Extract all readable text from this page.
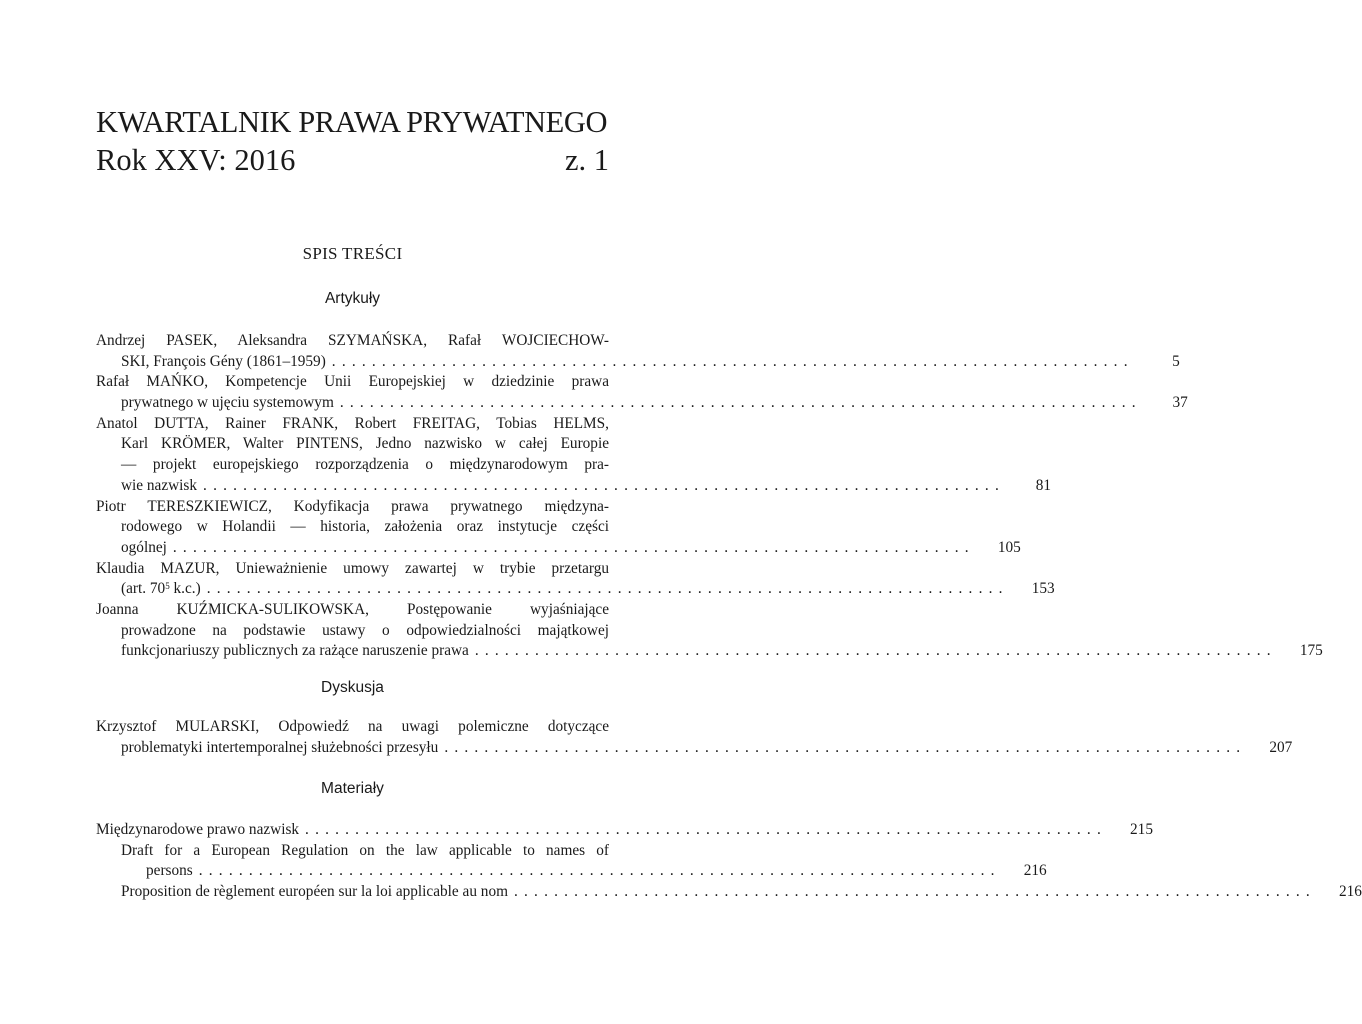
KWARTALNIK PRAWA PRYWATNEGO
Rok XXV: 2016	z. 1
SPIS TREŚCI
Artykuły
Andrzej PASEK, Aleksandra SZYMAŃSKA, Rafał WOJCIECHOW-
SKI, François Gény (1861–1959) ................................................................................	5
Rafał MAŃKO, Kompetencje Unii Europejskiej w dziedzinie prawa
prywatnego w ujęciu systemowym ................................................................................	37
Anatol DUTTA, Rainer FRANK, Robert FREITAG, Tobias HELMS,
Karl KRÖMER, Walter PINTENS, Jedno nazwisko w całej Europie
— projekt europejskiego rozporządzenia o międzynarodowym pra-
wie nazwisk ................................................................................	81
Piotr TERESZKIEWICZ, Kodyfikacja prawa prywatnego międzyna-
rodowego w Holandii — historia, założenia oraz instytucje części
ogólnej ................................................................................	105
Klaudia MAZUR, Unieważnienie umowy zawartej w trybie przetargu
(art. $70^5$ k.c.) ................................................................................	153
Joanna KUŹMICKA-SULIKOWSKA, Postępowanie wyjaśniające
prowadzone na podstawie ustawy o odpowiedzialności majątkowej
funkcjonariuszy publicznych za rażące naruszenie prawa ................................................................................	175
Dyskusja
Krzysztof MULARSKI, Odpowiedź na uwagi polemiczne dotyczące
problematyki intertemporalnej służebności przesyłu ................................................................................	207
Materiały
Międzynarodowe prawo nazwisk ................................................................................	215
Draft for a European Regulation on the law applicable to names of
persons ................................................................................	216
Proposition de règlement européen sur la loi applicable au nom ................................................................................	216
